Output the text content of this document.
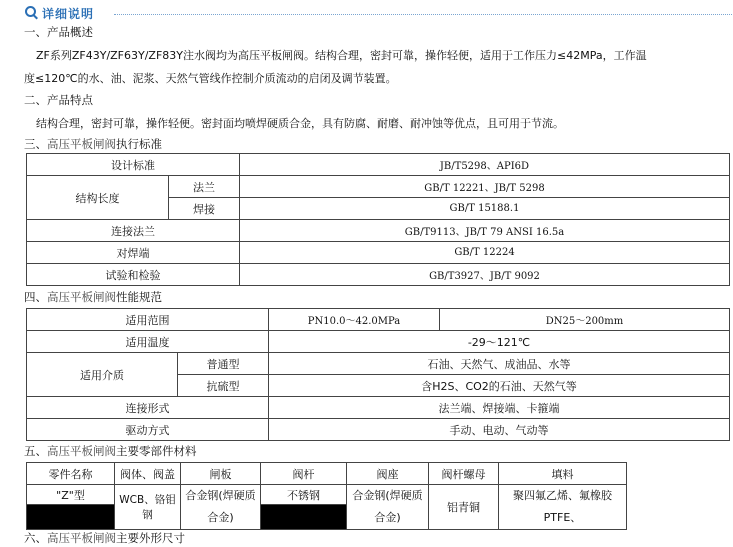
详细说明
一、产品概述
ZF系列ZF43Y/ZF63Y/ZF83Y注水阀均为高压平板闸阀。结构合理，密封可靠，操作轻便，适用于工作压力≤42MPa，工作温
度≤120℃的水、油、泥浆、天然气管线作控制介质流动的启闭及调节装置。
二、产品特点
结构合理，密封可靠，操作轻便。密封面均喷焊硬质合金，具有防腐、耐磨、耐冲蚀等优点，且可用于节流。
三、高压平板闸阀执行标准
设计标准		JB/T5298、API6D
结构长度	法兰	GB/T 12221、JB/T 5298
	焊接	GB/T 15188.1
连接法兰		GB/T9113、JB/T 79 ANSI 16.5a
对焊端		GB/T 12224
试验和检验		GB/T3927、JB/T 9092
四、高压平板闸阀性能规范
适用范围		PN10.0～42.0MPa	DN25～200mm
适用温度		-29～121℃	
适用介质	普通型	石油、天然气、成油品、水等	
	抗硫型	含H2S、CO2的石油、天然气等	
连接形式		法兰端、焊接端、卡箍端	
驱动方式		手动、电动、气动等	
五、高压平板闸阀主要零部件材料
零件名称	阀体、阀盖	闸板	阀杆	阀座	阀杆螺母	填料
"Z"型	WCB、铬钼钢	合金钢(焊硬质合金)	不锈钢	合金钢(焊硬质合金)	铝青铜	聚四氟乙烯、氟橡胶PTFE、

六、高压平板闸阀主要外形尺寸
